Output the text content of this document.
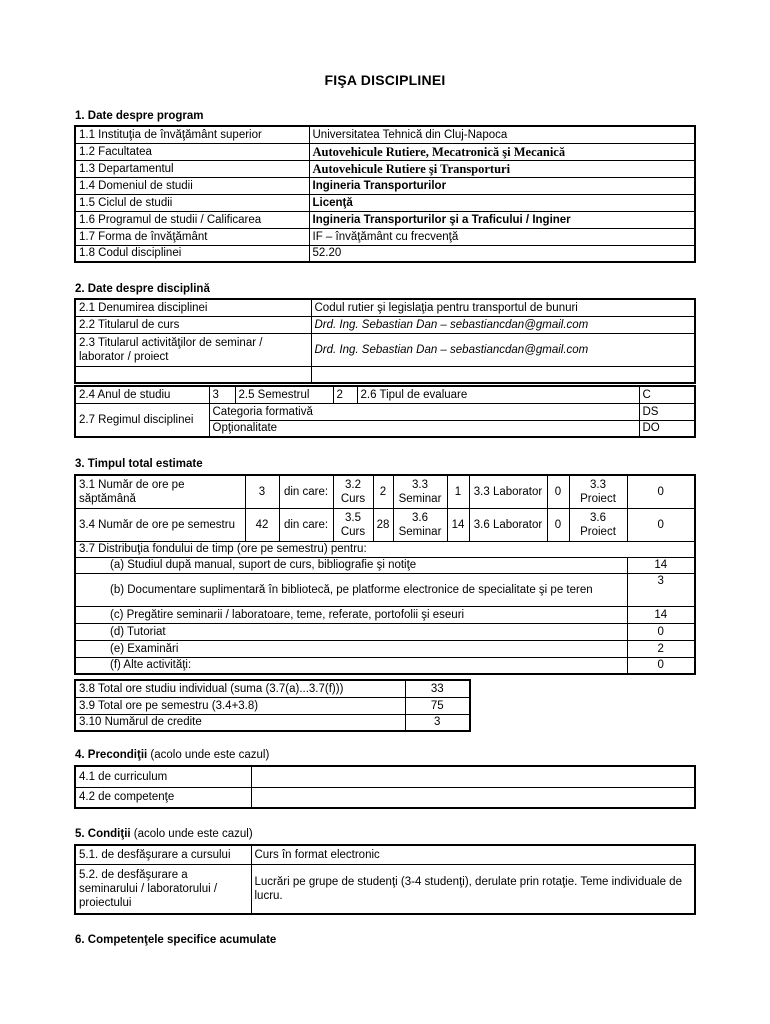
FIŞA DISCIPLINEI
1. Date despre program
1.1 Instituţia de învăţământ superior	Universitatea Tehnică din Cluj-Napoca
1.2 Facultatea	Autovehicule Rutiere, Mecatronică şi Mecanică
1.3 Departamentul	Autovehicule Rutiere şi Transporturi
1.4 Domeniul de studii	Ingineria Transporturilor
1.5 Ciclul de studii	Licenţă
1.6 Programul de studii / Calificarea	Ingineria Transporturilor şi a Traficului / Inginer
1.7 Forma de învăţământ	IF – învăţământ cu frecvenţă
1.8 Codul disciplinei	52.20
2. Date despre disciplină
2.1 Denumirea disciplinei	Codul rutier şi legislaţia pentru transportul de bunuri
2.2 Titularul de curs	Drd. Ing. Sebastian Dan – sebastiancdan@gmail.com
2.3 Titularul activităţilor de seminar / laborator / proiect	Drd. Ing. Sebastian Dan – sebastiancdan@gmail.com

2.4 Anul de studiu	3	2.5 Semestrul	2	2.6 Tipul de evaluare	C
2.7 Regimul disciplinei	Categoria formativă				DS
	Opţionalitate				DO
3. Timpul total estimate
3.1 Număr de ore pe săptămână	3	din care:	3.2 Curs	2	3.3 Seminar	1	3.3 Laborator	0	3.3 Proiect	0
3.4 Număr de ore pe semestru	42	din care:	3.5 Curs	28	3.6 Seminar	14	3.6 Laborator	0	3.6 Proiect	0
3.7 Distribuţia fondului de timp (ore pe semestru) pentru:										
(a) Studiul după manual, suport de curs, bibliografie şi notiţe										14
(b) Documentare suplimentară în bibliotecă, pe platforme electronice de specialitate şi pe teren										3
(c) Pregătire seminarii / laboratoare, teme, referate, portofolii şi eseuri										14
(d) Tutoriat										0
(e) Examinări										2
(f) Alte activităţi:										0
3.8 Total ore studiu individual (suma (3.7(a)...3.7(f)))	33
3.9 Total ore pe semestru (3.4+3.8)	75
3.10 Numărul de credite	3
4. Precondiţii (acolo unde este cazul)
4.1 de curriculum	
4.2 de competenţe	
5. Condiţii (acolo unde este cazul)
5.1. de desfăşurare a cursului	Curs în format electronic
5.2. de desfăşurare a seminarului / laboratorului / proiectului	Lucrări pe grupe de studenţi (3-4 studenţi), derulate prin rotaţie. Teme individuale de lucru.
6. Competenţele specifice acumulate
